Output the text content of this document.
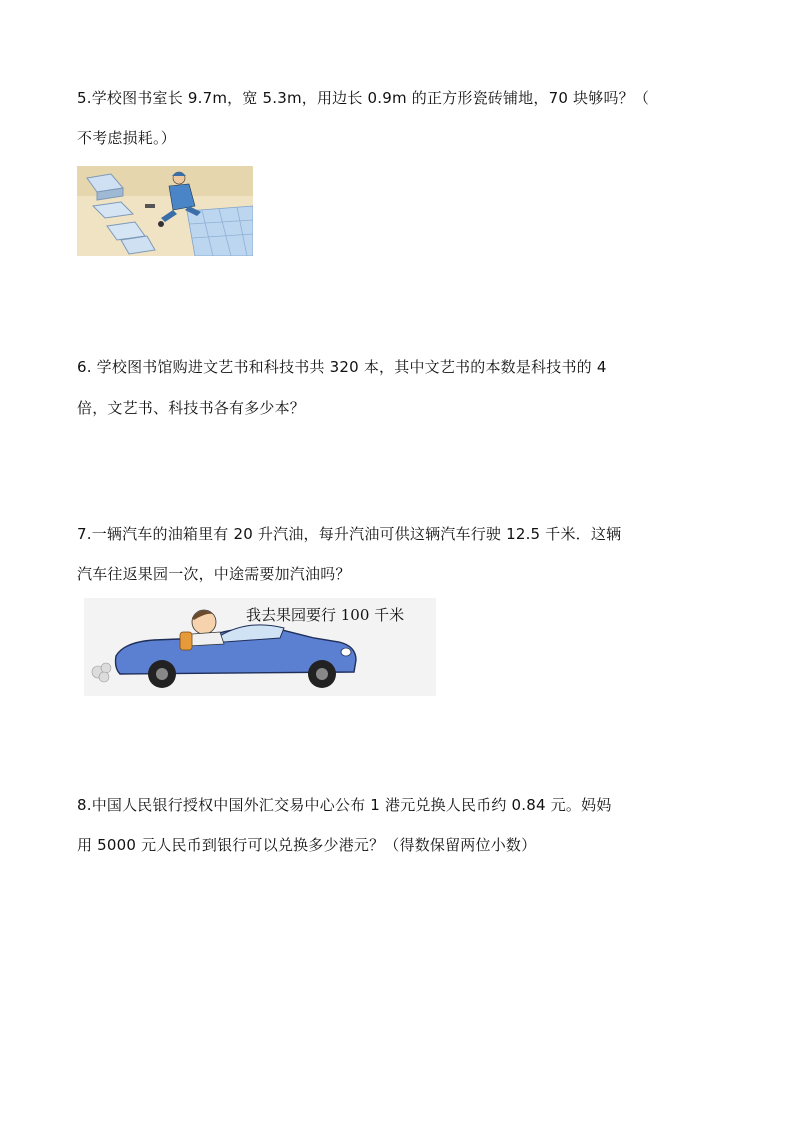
5.学校图书室长 9.7m，宽 5.3m，用边长 0.9m 的正方形瓷砖铺地，70 块够吗？（
不考虑损耗。）
6. 学校图书馆购进文艺书和科技书共 320 本，其中文艺书的本数是科技书的 4
倍，文艺书、科技书各有多少本？
7.一辆汽车的油箱里有 20 升汽油，每升汽油可供这辆汽车行驶 12.5 千米．这辆
汽车往返果园一次，中途需要加汽油吗？
我去果园要行 100 千米
8.中国人民银行授权中国外汇交易中心公布 1 港元兑换人民币约 0.84 元。妈妈
用 5000 元人民币到银行可以兑换多少港元？（得数保留两位小数）
